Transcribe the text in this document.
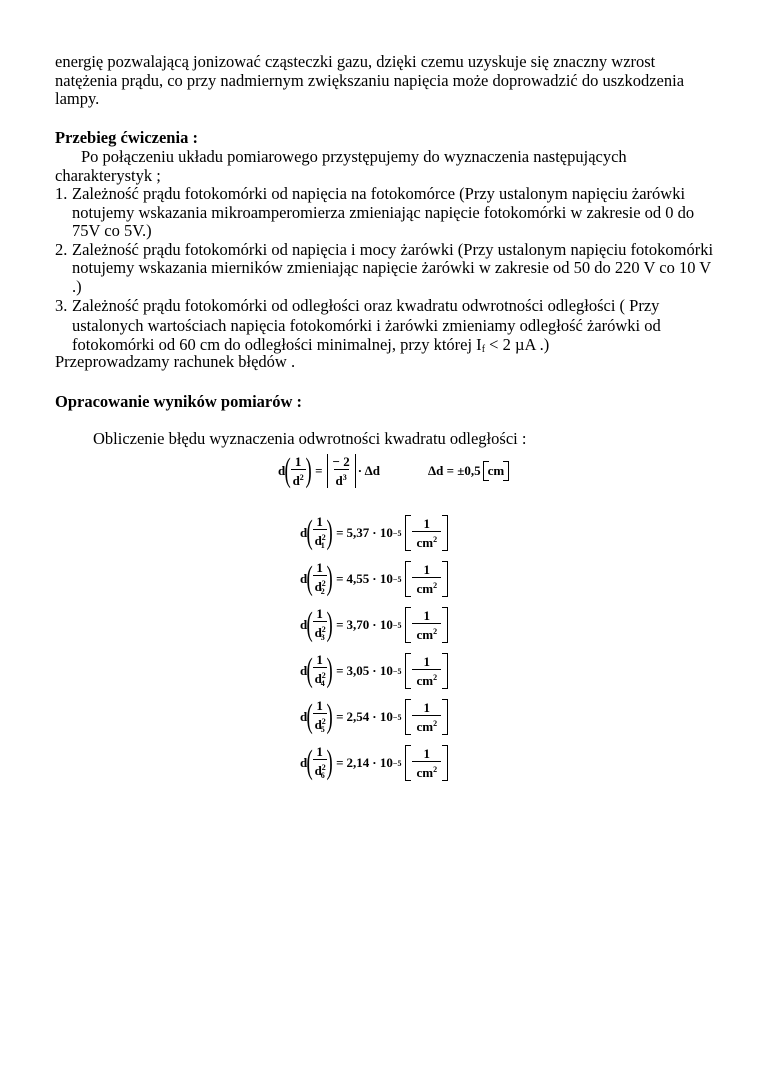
energię pozwalającą jonizować cząsteczki gazu, dzięki czemu uzyskuje się znaczny wzrost
natężenia prądu, co przy nadmiernym zwiększaniu napięcia może doprowadzić do uszkodzenia
lampy.
Przebieg ćwiczenia :
Po połączeniu układu pomiarowego przystępujemy do wyznaczenia następujących charakterystyk ;
1. Zależność prądu fotokomórki od napięcia na fotokomórce (Przy ustalonym napięciu żarówki notujemy wskazania mikroamperomierza zmieniając napięcie fotokomórki w zakresie od 0 do 75V co 5V.)
2. Zależność prądu fotokomórki od napięcia i mocy żarówki (Przy ustalonym napięciu fotokomórki notujemy wskazania mierników zmieniając napięcie żarówki w zakresie od 50 do 220 V co 10 V .)
3. Zależność prądu fotokomórki od odległości oraz kwadratu odwrotności odległości ( Przy ustalonych wartościach napięcia fotokomórki i żarówki zmieniamy odległość żarówki od fotokomórki od 60 cm do odległości minimalnej, przy której $I_f < 2$ µA .)
Przeprowadzamy rachunek błędów .
Opracowanie wyników pomiarów :
Obliczenie błędu wyznaczenia odwrotności kwadratu odległości :
d ( $\frac{1}{d^2}$ ) = $\frac{- 2}{d^3} \cdot \Delta d$	Δd = ±0,5 cm
d ( $\frac{1}{d^2_1}$ ) = $5,37 \cdot 10 -5 \frac{1}{cm^2}$
d ( $\frac{1}{d^2_2}$ ) = $4,55 \cdot 10 -5 \frac{1}{cm^2}$
d ( $\frac{1}{d^2_3}$ ) = $3,70 \cdot 10 -5 \frac{1}{cm^2}$
d ( $\frac{1}{d^2_4}$ ) = $3,05 \cdot 10 -5 \frac{1}{cm^2}$
d ( $\frac{1}{d^2_5}$ ) = $2,54 \cdot 10 -5 \frac{1}{cm^2}$
d ( $\frac{1}{d^2_6}$ ) = $2,14 \cdot 10 -5 \frac{1}{cm^2}$
